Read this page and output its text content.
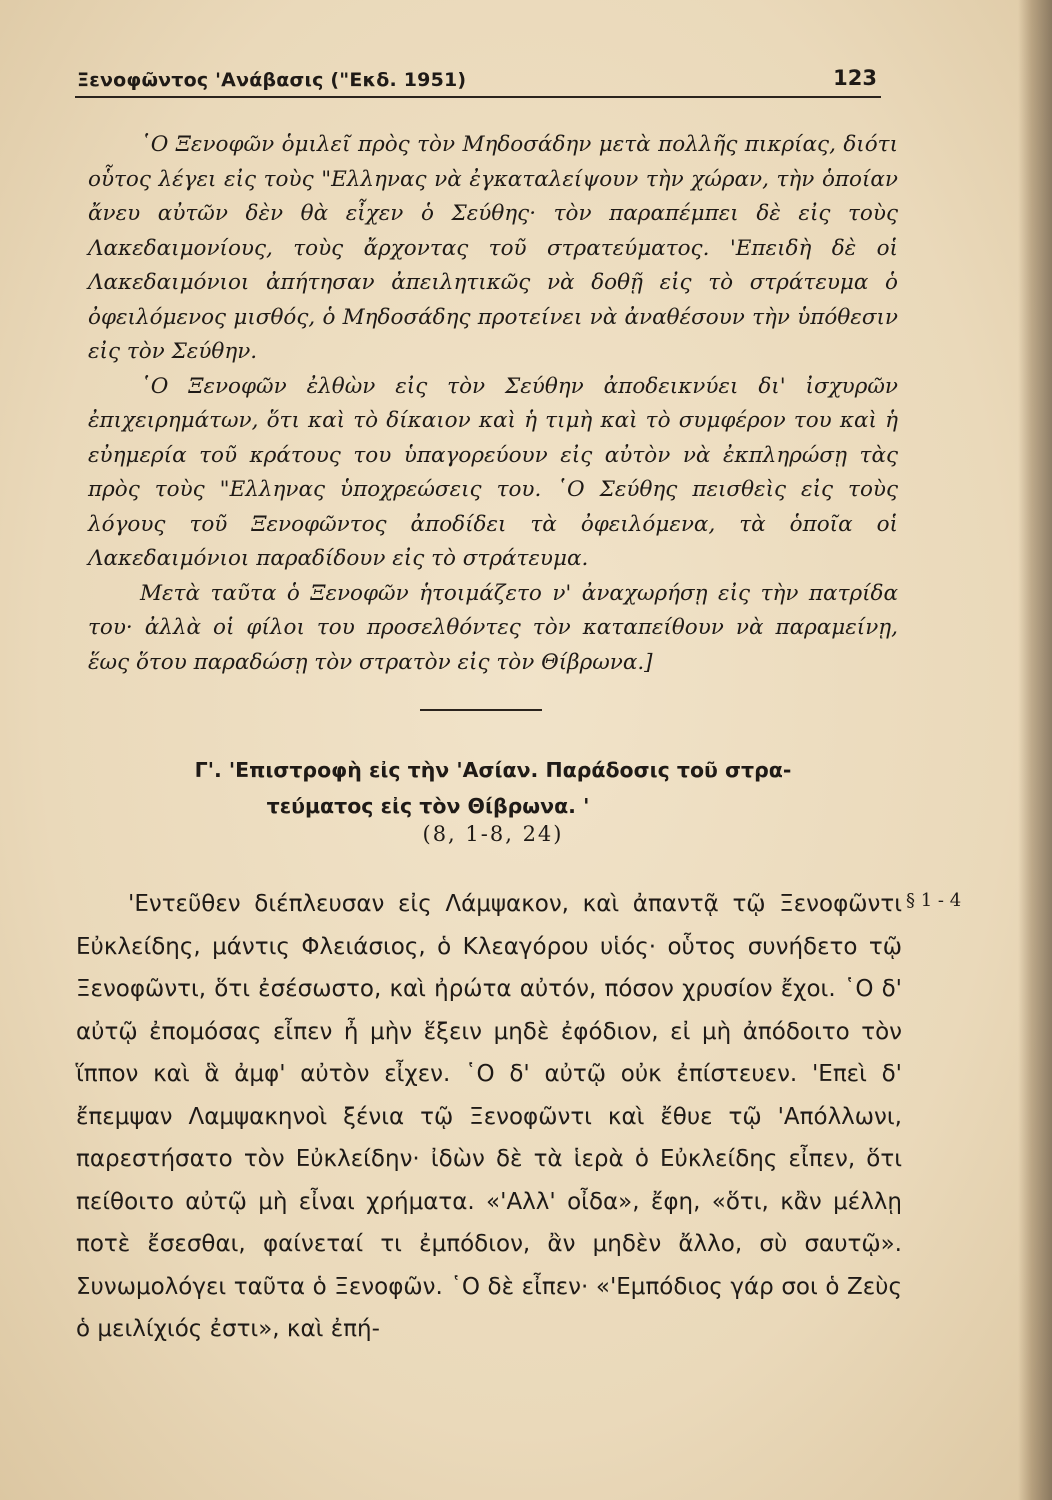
Ξενοφῶντος 'Ανάβασις ("Εκδ. 1951)	123

῾Ο Ξενοφῶν ὁμιλεῖ πρὸς τὸν Μηδοσάδην μετὰ πολλῆς πικρίας, διότι οὗτος λέγει εἰς τοὺς "Ελληνας νὰ ἐγκαταλείψουν τὴν χώραν, τὴν ὁποίαν ἄνευ αὐτῶν δὲν θὰ εἶχεν ὁ Σεύθης· τὸν παραπέμπει δὲ εἰς τοὺς Λακεδαιμονίους, τοὺς ἄρχοντας τοῦ στρατεύματος. 'Επειδὴ δὲ οἱ Λακεδαιμόνιοι ἀπήτησαν ἀπειλητικῶς νὰ δοθῇ εἰς τὸ στράτευμα ὁ ὀφειλόμενος μισθός, ὁ Μηδοσάδης προτείνει νὰ ἀναθέσουν τὴν ὑπόθεσιν εἰς τὸν Σεύθην.

῾Ο Ξενοφῶν ἐλθὼν εἰς τὸν Σεύθην ἀποδεικνύει δι' ἰσχυρῶν ἐπιχειρημάτων, ὅτι καὶ τὸ δίκαιον καὶ ἡ τιμὴ καὶ τὸ συμφέρον του καὶ ἡ εὐημερία τοῦ κράτους του ὑπαγορεύουν εἰς αὐτὸν νὰ ἐκπληρώσῃ τὰς πρὸς τοὺς "Ελληνας ὑποχρεώσεις του. ῾Ο Σεύθης πεισθεὶς εἰς τοὺς λόγους τοῦ Ξενοφῶντος ἀποδίδει τὰ ὀφειλόμενα, τὰ ὁποῖα οἱ Λακεδαιμόνιοι παραδίδουν εἰς τὸ στράτευμα.

Μετὰ ταῦτα ὁ Ξενοφῶν ἡτοιμάζετο ν' ἀναχωρήσῃ εἰς τὴν πατρίδα του· ἀλλὰ οἱ φίλοι του προσελθόντες τὸν καταπείθουν νὰ παραμείνῃ, ἕως ὅτου παραδώσῃ τὸν στρατὸν εἰς τὸν Θίβρωνα.]

Γ'. 'Επιστροφὴ εἰς τὴν 'Ασίαν. Παράδοσις τοῦ στρα-
τεύματος εἰς τὸν Θίβρωνα. '
(8, 1-8, 24)
§ 1 - 4

'Εντεῦθεν διέπλευσαν εἰς Λάμψακον, καὶ ἀπαντᾷ τῷ Ξενοφῶντι Εὐκλείδης, μάντις Φλειάσιος, ὁ Κλεαγόρου υἱός· οὗτος συνήδετο τῷ Ξενοφῶντι, ὅτι ἐσέσωστο, καὶ ἠρώτα αὐτόν, πόσον χρυσίον ἔχοι. ῾Ο δ' αὐτῷ ἐπομόσας εἶπεν ἦ μὴν ἕξειν μηδὲ ἐφόδιον, εἰ μὴ ἀπόδοιτο τὸν ἵππον καὶ ἃ ἀμφ' αὐτὸν εἶχεν. ῾Ο δ' αὐτῷ οὐκ ἐπίστευεν. 'Επεὶ δ' ἔπεμψαν Λαμψακηνοὶ ξένια τῷ Ξενοφῶντι καὶ ἔθυε τῷ 'Απόλλωνι, παρεστήσατο τὸν Εὐκλείδην· ἰδὼν δὲ τὰ ἱερὰ ὁ Εὐκλείδης εἶπεν, ὅτι πείθοιτο αὐτῷ μὴ εἶναι χρήματα. «'Αλλ' οἶδα», ἔφη, «ὅτι, κἂν μέλλῃ ποτὲ ἔσεσθαι, φαίνεταί τι ἐμπόδιον, ἂν μηδὲν ἄλλο, σὺ σαυτῷ». Συνωμολόγει ταῦτα ὁ Ξενοφῶν. ῾Ο δὲ εἶπεν· «'Εμπόδιος γάρ σοι ὁ Ζεὺς ὁ μειλίχιός ἐστι», καὶ ἐπή-
